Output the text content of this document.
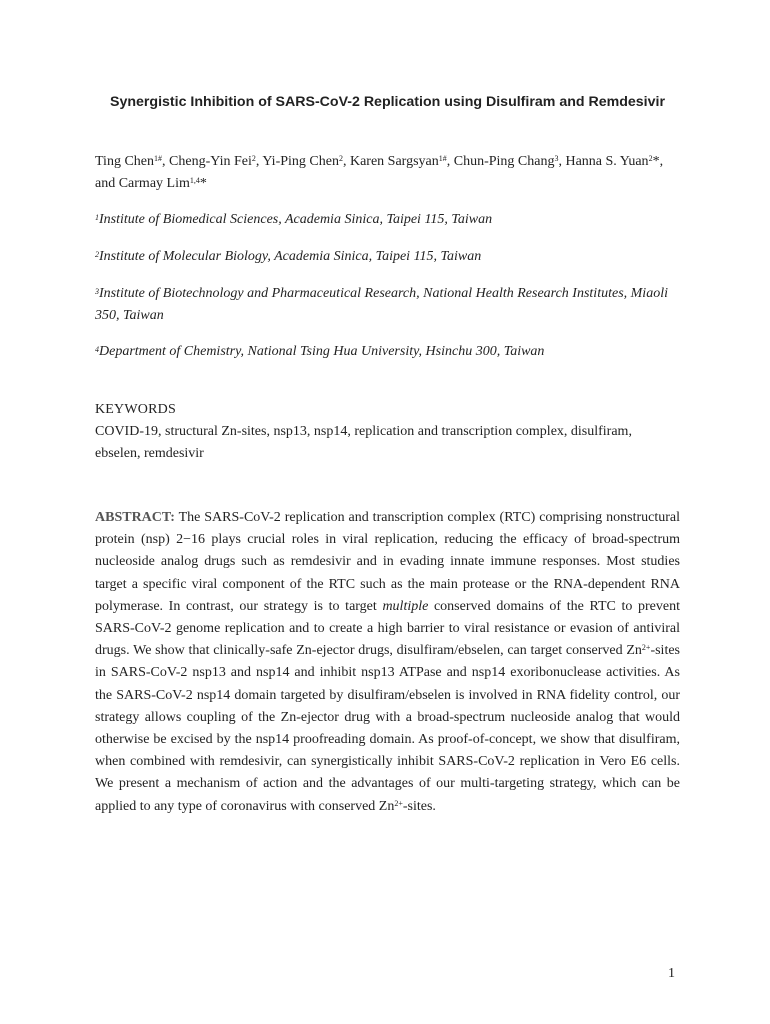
Synergistic Inhibition of SARS-CoV-2 Replication using Disulfiram and Remdesivir
Ting Chen$^{1\#}$, Cheng-Yin Fei$^2$, Yi-Ping Chen$^2$, Karen Sargsyan$^{1\#}$, Chun-Ping Chang$^3$, Hanna S. Yuan$^2$*, and Carmay Lim$^{1,4}$*
$^1$Institute of Biomedical Sciences, Academia Sinica, Taipei 115, Taiwan
$^2$Institute of Molecular Biology, Academia Sinica, Taipei 115, Taiwan
$^3$Institute of Biotechnology and Pharmaceutical Research, National Health Research Institutes, Miaoli 350, Taiwan
$^4$Department of Chemistry, National Tsing Hua University, Hsinchu 300, Taiwan
KEYWORDS
COVID-19, structural Zn-sites, nsp13, nsp14, replication and transcription complex, disulfiram, ebselen, remdesivir
ABSTRACT: The SARS-CoV-2 replication and transcription complex (RTC) comprising nonstructural protein (nsp) 2−16 plays crucial roles in viral replication, reducing the efficacy of broad-spectrum nucleoside analog drugs such as remdesivir and in evading innate immune responses. Most studies target a specific viral component of the RTC such as the main protease or the RNA-dependent RNA polymerase. In contrast, our strategy is to target multiple conserved domains of the RTC to prevent SARS-CoV-2 genome replication and to create a high barrier to viral resistance or evasion of antiviral drugs. We show that clinically-safe Zn-ejector drugs, disulfiram/ebselen, can target conserved $Zn^{2+}$-sites in SARS-CoV-2 nsp13 and nsp14 and inhibit nsp13 ATPase and nsp14 exoribonuclease activities. As the SARS-CoV-2 nsp14 domain targeted by disulfiram/ebselen is involved in RNA fidelity control, our strategy allows coupling of the Zn-ejector drug with a broad-spectrum nucleoside analog that would otherwise be excised by the nsp14 proofreading domain. As proof-of-concept, we show that disulfiram, when combined with remdesivir, can synergistically inhibit SARS-CoV-2 replication in Vero E6 cells. We present a mechanism of action and the advantages of our multi-targeting strategy, which can be applied to any type of coronavirus with conserved $Zn^{2+}$-sites.
1
